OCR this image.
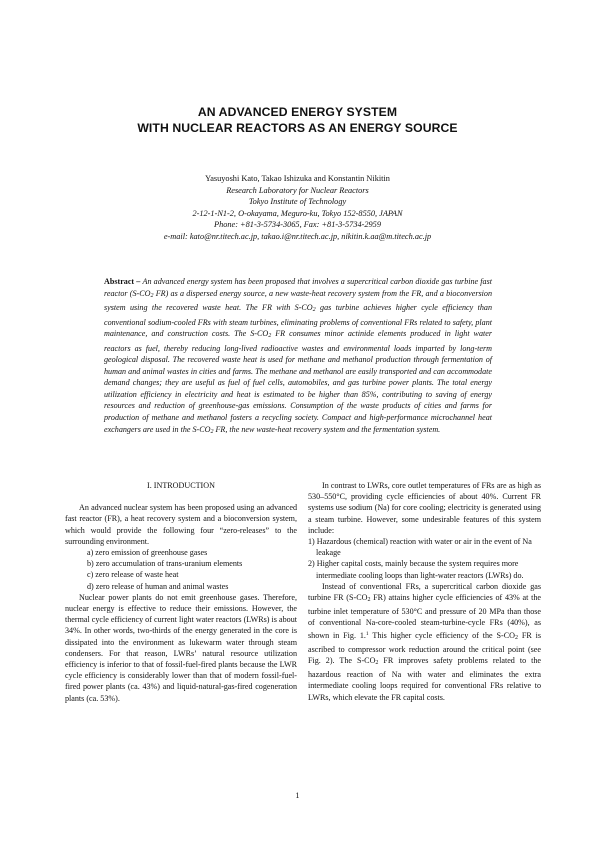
AN ADVANCED ENERGY SYSTEM
WITH NUCLEAR REACTORS AS AN ENERGY SOURCE
Yasuyoshi Kato, Takao Ishizuka and Konstantin Nikitin
Research Laboratory for Nuclear Reactors
Tokyo Institute of Technology
2-12-1-N1-2, O-okayama, Meguro-ku, Tokyo 152-8550, JAPAN
Phone: +81-3-5734-3065, Fax: +81-3-5734-2959
e-mail: kato@nr.titech.ac.jp, takao.i@nr.titech.ac.jp, nikitin.k.aa@m.titech.ac.jp
Abstract – An advanced energy system has been proposed that involves a supercritical carbon dioxide gas turbine fast reactor ($S-CO_2$ FR) as a dispersed energy source, a new waste-heat recovery system from the FR, and a bioconversion system using the recovered waste heat. The FR with $S-CO_2$ gas turbine achieves higher cycle efficiency than conventional sodium-cooled FRs with steam turbines, eliminating problems of conventional FRs related to safety, plant maintenance, and construction costs. The $S-CO_2$ FR consumes minor actinide elements produced in light water reactors as fuel, thereby reducing long-lived radioactive wastes and environmental loads imparted by long-term geological disposal. The recovered waste heat is used for methane and methanol production through fermentation of human and animal wastes in cities and farms. The methane and methanol are easily transported and can accommodate demand changes; they are useful as fuel of fuel cells, automobiles, and gas turbine power plants. The total energy utilization efficiency in electricity and heat is estimated to be higher than 85%, contributing to saving of energy resources and reduction of greenhouse-gas emissions. Consumption of the waste products of cities and farms for production of methane and methanol fosters a recycling society. Compact and high-performance microchannel heat exchangers are used in the $S-CO_2$ FR, the new waste-heat recovery system and the fermentation system.
I. INTRODUCTION

An advanced nuclear system has been proposed using an advanced fast reactor (FR), a heat recovery system and a bioconversion system, which would provide the following four “zero-releases” to the surrounding environment.

a) zero emission of greenhouse gases
b) zero accumulation of trans-uranium elements
c) zero release of waste heat
d) zero release of human and animal wastes

Nuclear power plants do not emit greenhouse gases. Therefore, nuclear energy is effective to reduce their emissions. However, the thermal cycle efficiency of current light water reactors (LWRs) is about 34%. In other words, two-thirds of the energy generated in the core is dissipated into the environment as lukewarm water through steam condensers. For that reason, LWRs’ natural resource utilization efficiency is inferior to that of fossil-fuel-fired plants because the LWR cycle efficiency is considerably lower than that of modern fossil-fuel-fired power plants (ca. 43%) and liquid-natural-gas-fired cogeneration plants (ca. 53%).

In contrast to LWRs, core outlet temperatures of FRs are as high as 530–550°C, providing cycle efficiencies of about 40%. Current FR systems use sodium (Na) for core cooling; electricity is generated using a steam turbine. However, some undesirable features of this system include:

1) Hazardous (chemical) reaction with water or air in the event of Na leakage
2) Higher capital costs, mainly because the system requires more intermediate cooling loops than light-water reactors (LWRs) do.

Instead of conventional FRs, a supercritical carbon dioxide gas turbine FR ($S-CO_2$ FR) attains higher cycle efficiencies of 43% at the turbine inlet temperature of 530°C and pressure of 20 MPa than those of conventional Na-core-cooled steam-turbine-cycle FRs (40%), as shown in Fig. 1.$^1$ This higher cycle efficiency of the $S-CO_2$ FR is ascribed to compressor work reduction around the critical point (see Fig. 2). The $S-CO_2$ FR improves safety problems related to the hazardous reaction of Na with water and eliminates the extra intermediate cooling loops required for conventional FRs relative to LWRs, which elevate the FR capital costs.

1
